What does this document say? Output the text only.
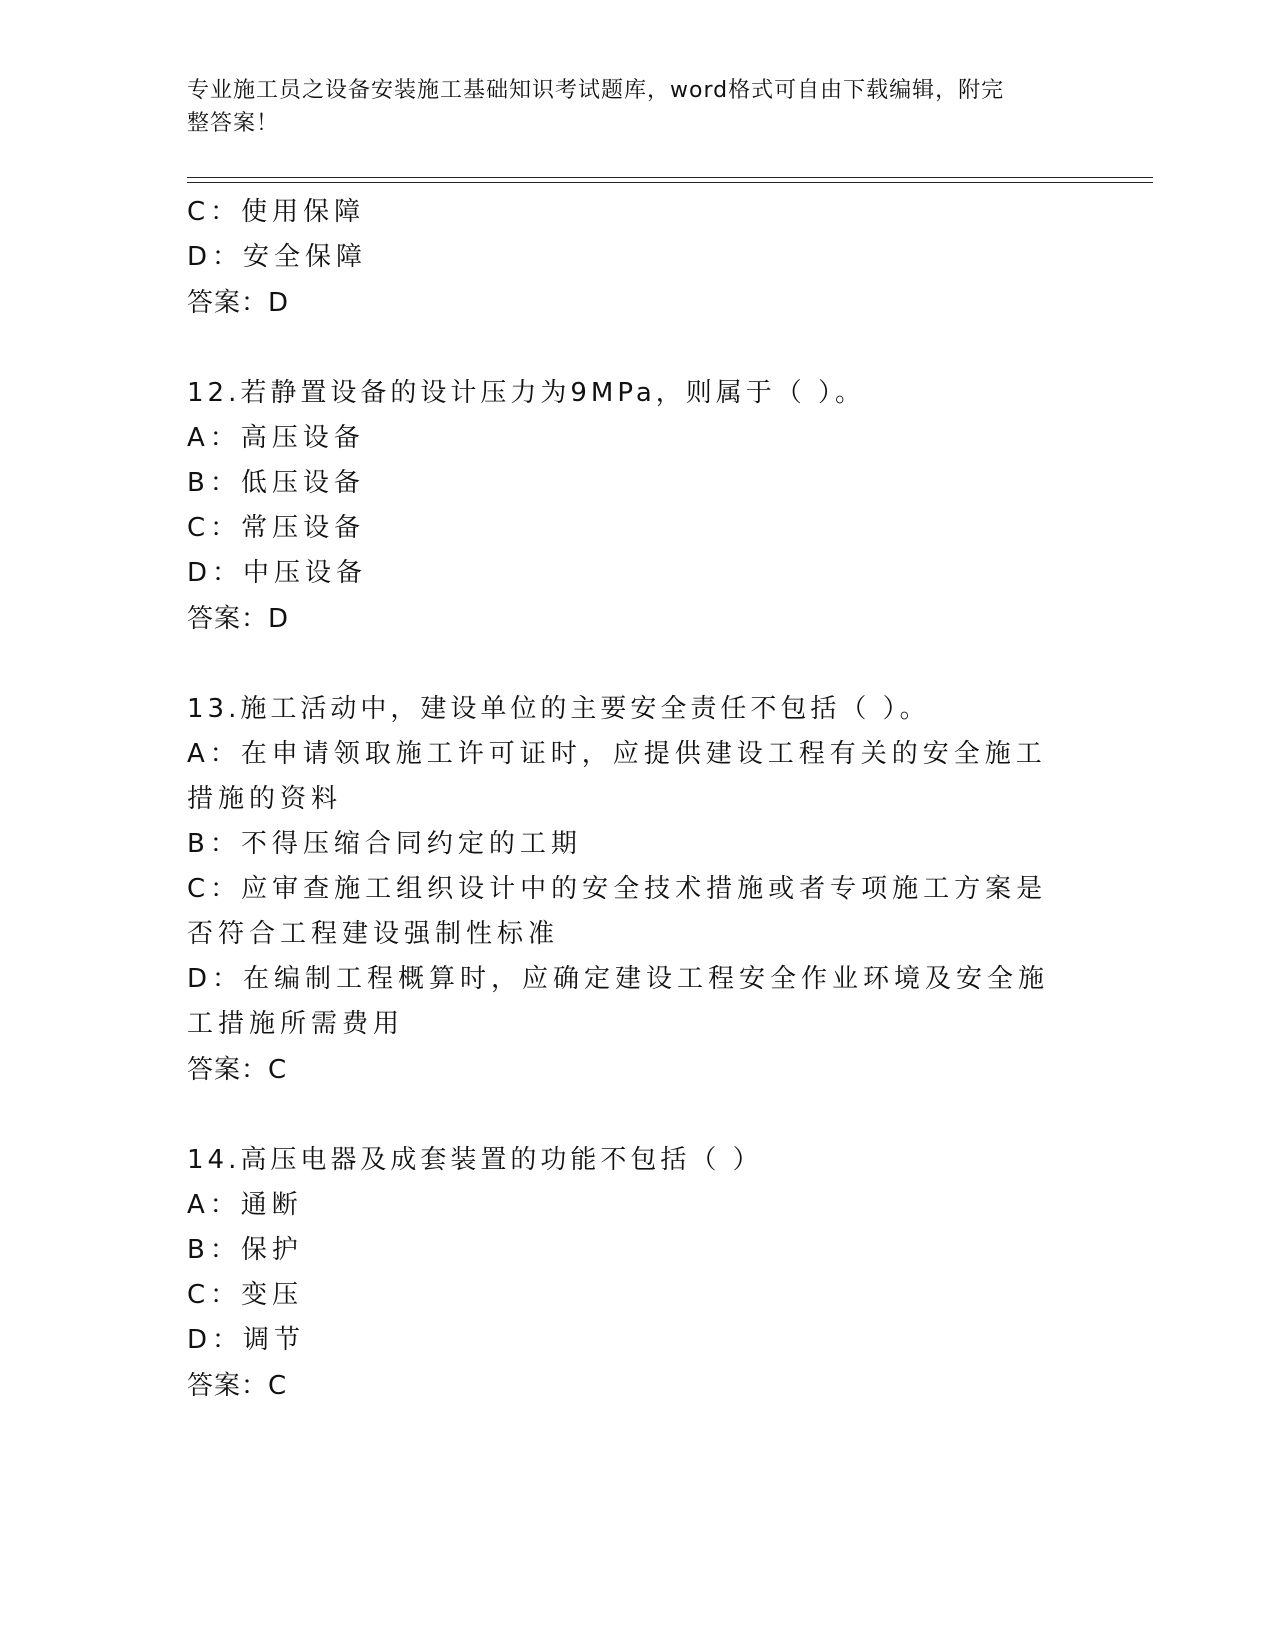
专业施工员之设备安装施工基础知识考试题库，word格式可自由下载编辑，附完
整答案！
C：使用保障
D：安全保障
答案：D
12.若静置设备的设计压力为9MPa，则属于（ ）。
A：高压设备
B：低压设备
C：常压设备
D：中压设备
答案：D
13.施工活动中，建设单位的主要安全责任不包括（ ）。
A：在申请领取施工许可证时，应提供建设工程有关的安全施工措施的资料
B：不得压缩合同约定的工期
C：应审查施工组织设计中的安全技术措施或者专项施工方案是否符合工程建设强制性标准
D：在编制工程概算时，应确定建设工程安全作业环境及安全施工措施所需费用
答案：C
14.高压电器及成套装置的功能不包括（ ）
A：通断
B：保护
C：变压
D：调节
答案：C
